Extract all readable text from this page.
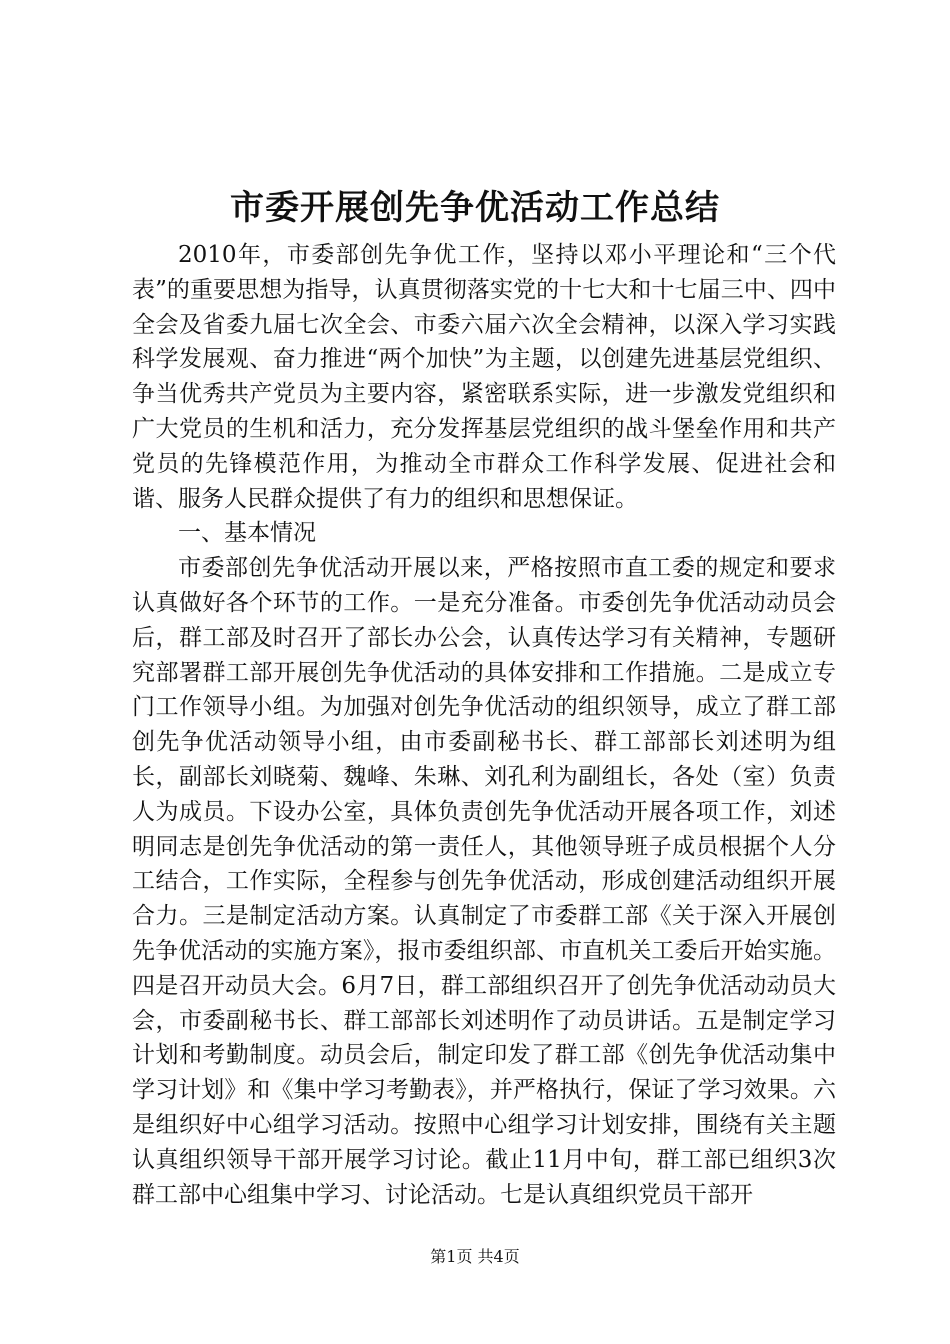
市委开展创先争优活动工作总结

2010年，市委部创先争优工作，坚持以邓小平理论和“三个代表”的重要思想为指导，认真贯彻落实党的十七大和十七届三中、四中全会及省委九届七次全会、市委六届六次全会精神，以深入学习实践科学发展观、奋力推进“两个加快”为主题，以创建先进基层党组织、争当优秀共产党员为主要内容，紧密联系实际，进一步激发党组织和广大党员的生机和活力，充分发挥基层党组织的战斗堡垒作用和共产党员的先锋模范作用，为推动全市群众工作科学发展、促进社会和谐、服务人民群众提供了有力的组织和思想保证。

一、基本情况

市委部创先争优活动开展以来，严格按照市直工委的规定和要求认真做好各个环节的工作。一是充分准备。市委创先争优活动动员会后，群工部及时召开了部长办公会，认真传达学习有关精神，专题研究部署群工部开展创先争优活动的具体安排和工作措施。二是成立专门工作领导小组。为加强对创先争优活动的组织领导，成立了群工部创先争优活动领导小组，由市委副秘书长、群工部部长刘述明为组长，副部长刘晓菊、魏峰、朱琳、刘孔利为副组长，各处（室）负责人为成员。下设办公室，具体负责创先争优活动开展各项工作，刘述明同志是创先争优活动的第一责任人，其他领导班子成员根据个人分工结合，工作实际，全程参与创先争优活动，形成创建活动组织开展合力。三是制定活动方案。认真制定了市委群工部《关于深入开展创先争优活动的实施方案》，报市委组织部、市直机关工委后开始实施。四是召开动员大会。6月7日，群工部组织召开了创先争优活动动员大会，市委副秘书长、群工部部长刘述明作了动员讲话。五是制定学习计划和考勤制度。动员会后，制定印发了群工部《创先争优活动集中学习计划》和《集中学习考勤表》，并严格执行，保证了学习效果。六是组织好中心组学习活动。按照中心组学习计划安排，围绕有关主题认真组织领导干部开展学习讨论。截止11月中旬，群工部已组织3次群工部中心组集中学习、讨论活动。七是认真组织党员干部开

第1页 共4页
